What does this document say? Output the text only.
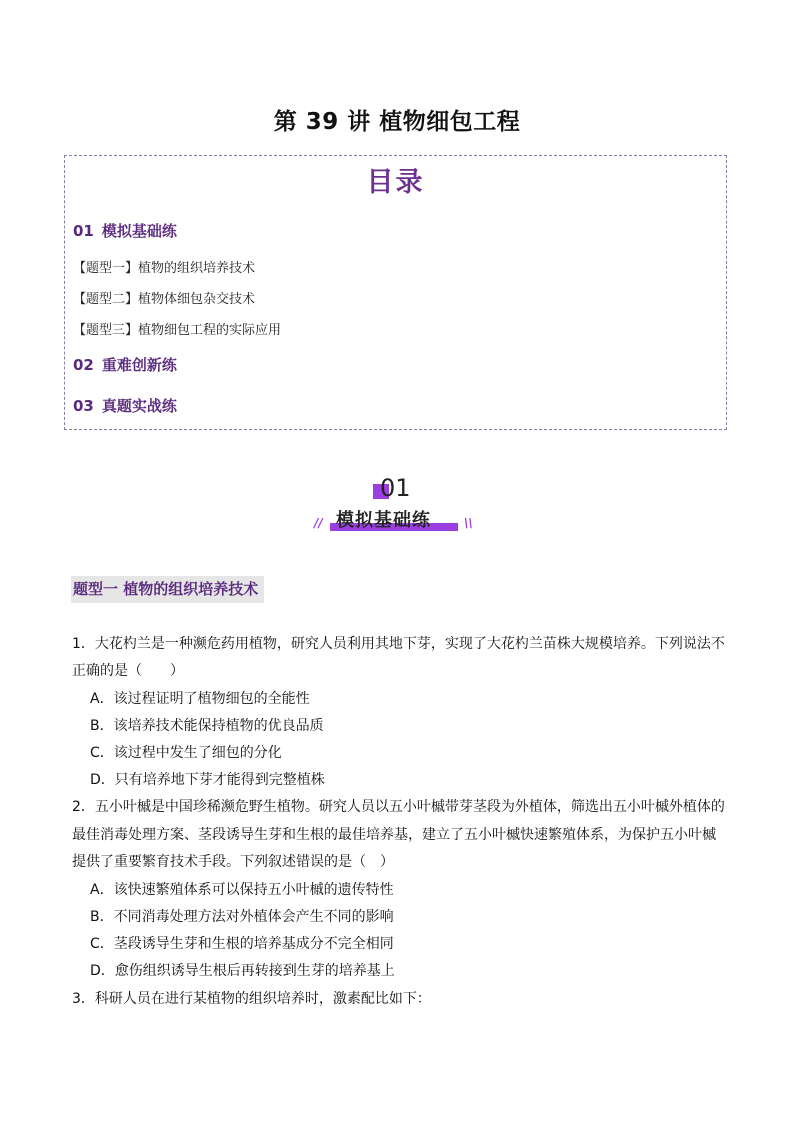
第 39 讲 植物细包工程
目录
01 模拟基础练
【题型一】植物的组织培养技术
【题型二】植物体细包杂交技术
【题型三】植物细包工程的实际应用
02 重难创新练
03 真题实战练
01
模拟基础练
//	\\
题型一 植物的组织培养技术
1．大花杓兰是一种濒危药用植物，研究人员利用其地下芽，实现了大花杓兰苗株大规模培养。下列说法不
正确的是（　　）
A．该过程证明了植物细包的全能性
B．该培养技术能保持植物的优良品质
C．该过程中发生了细包的分化
D．只有培养地下芽才能得到完整植株
2．五小叶槭是中国珍稀濒危野生植物。研究人员以五小叶槭带芽茎段为外植体，筛选出五小叶槭外植体的
最佳消毒处理方案、茎段诱导生芽和生根的最佳培养基，建立了五小叶槭快速繁殖体系，为保护五小叶槭
提供了重要繁育技术手段。下列叙述错误的是（　）
A．该快速繁殖体系可以保持五小叶槭的遗传特性
B．不同消毒处理方法对外植体会产生不同的影响
C．茎段诱导生芽和生根的培养基成分不完全相同
D．愈伤组织诱导生根后再转接到生芽的培养基上
3．科研人员在进行某植物的组织培养时，激素配比如下：
